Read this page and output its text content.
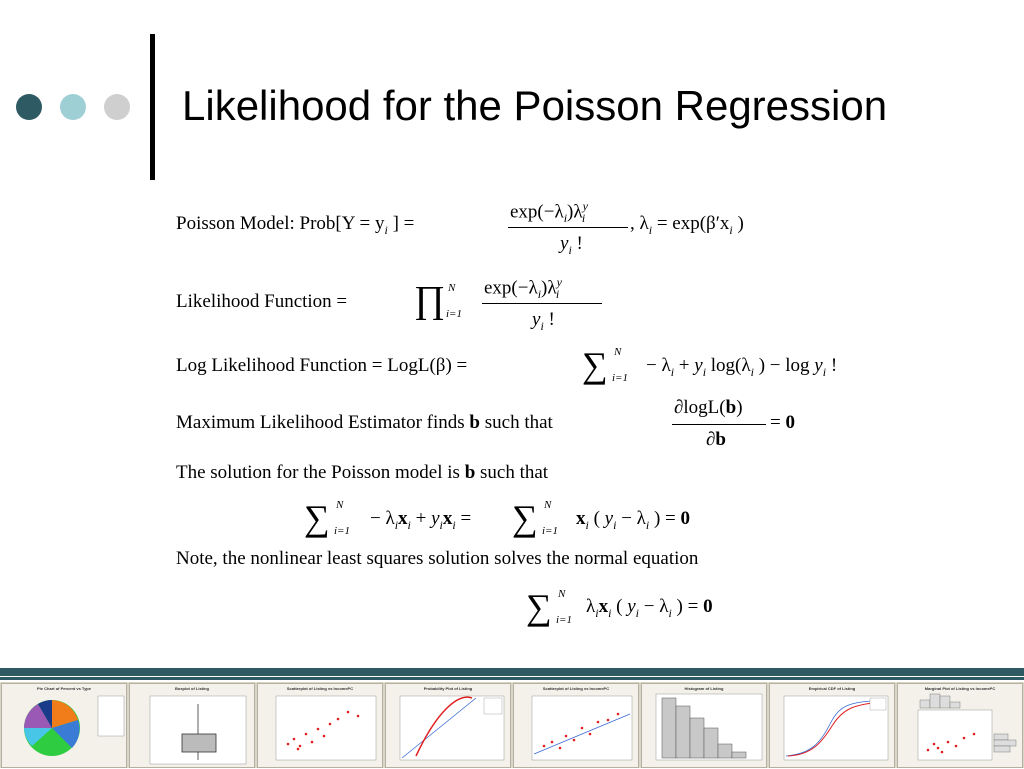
Likelihood for the Poisson Regression
Poisson Model: Prob[Y = $y_i$ ] =
$\exp(-\lambda_i)\lambda^y_i$
$y_i$ !
, $\lambda_i = \exp(\beta'x_i$ )
Likelihood Function = ∏ N
i=1
$\exp(-\lambda_i)\lambda^y_i$
$y_i$ !
Log Likelihood Function = LogL(β) =	∑ N
i=1
− $\lambda_i + y_i$ $\log(\lambda_i$ ) − $\log y_i$ !
Maximum Likelihood Estimator finds b such that
∂logL(b)
∂b
= 0
The solution for the Poisson model is b such that
∑ N
i=1
− $\lambda_ix_i + y_ix_i$ = ∑ N
i=1
$x_i$ ( $y_i - \lambda_i$ ) = 0
Note, the nonlinear least squares solution solves the normal equation
∑ N
i=1
$\lambda_ix_i$ ( $y_i - \lambda_i$ ) = 0
Pie Chart of Percent vs Type	Boxplot of Listing	Scatterplot of Listing vs IncomePC	Probability Plot of Listing	Scatterplot of Listing vs IncomePC	Histogram of Listing	Empirical CDF of Listing	Marginal Plot of Listing vs IncomePC
